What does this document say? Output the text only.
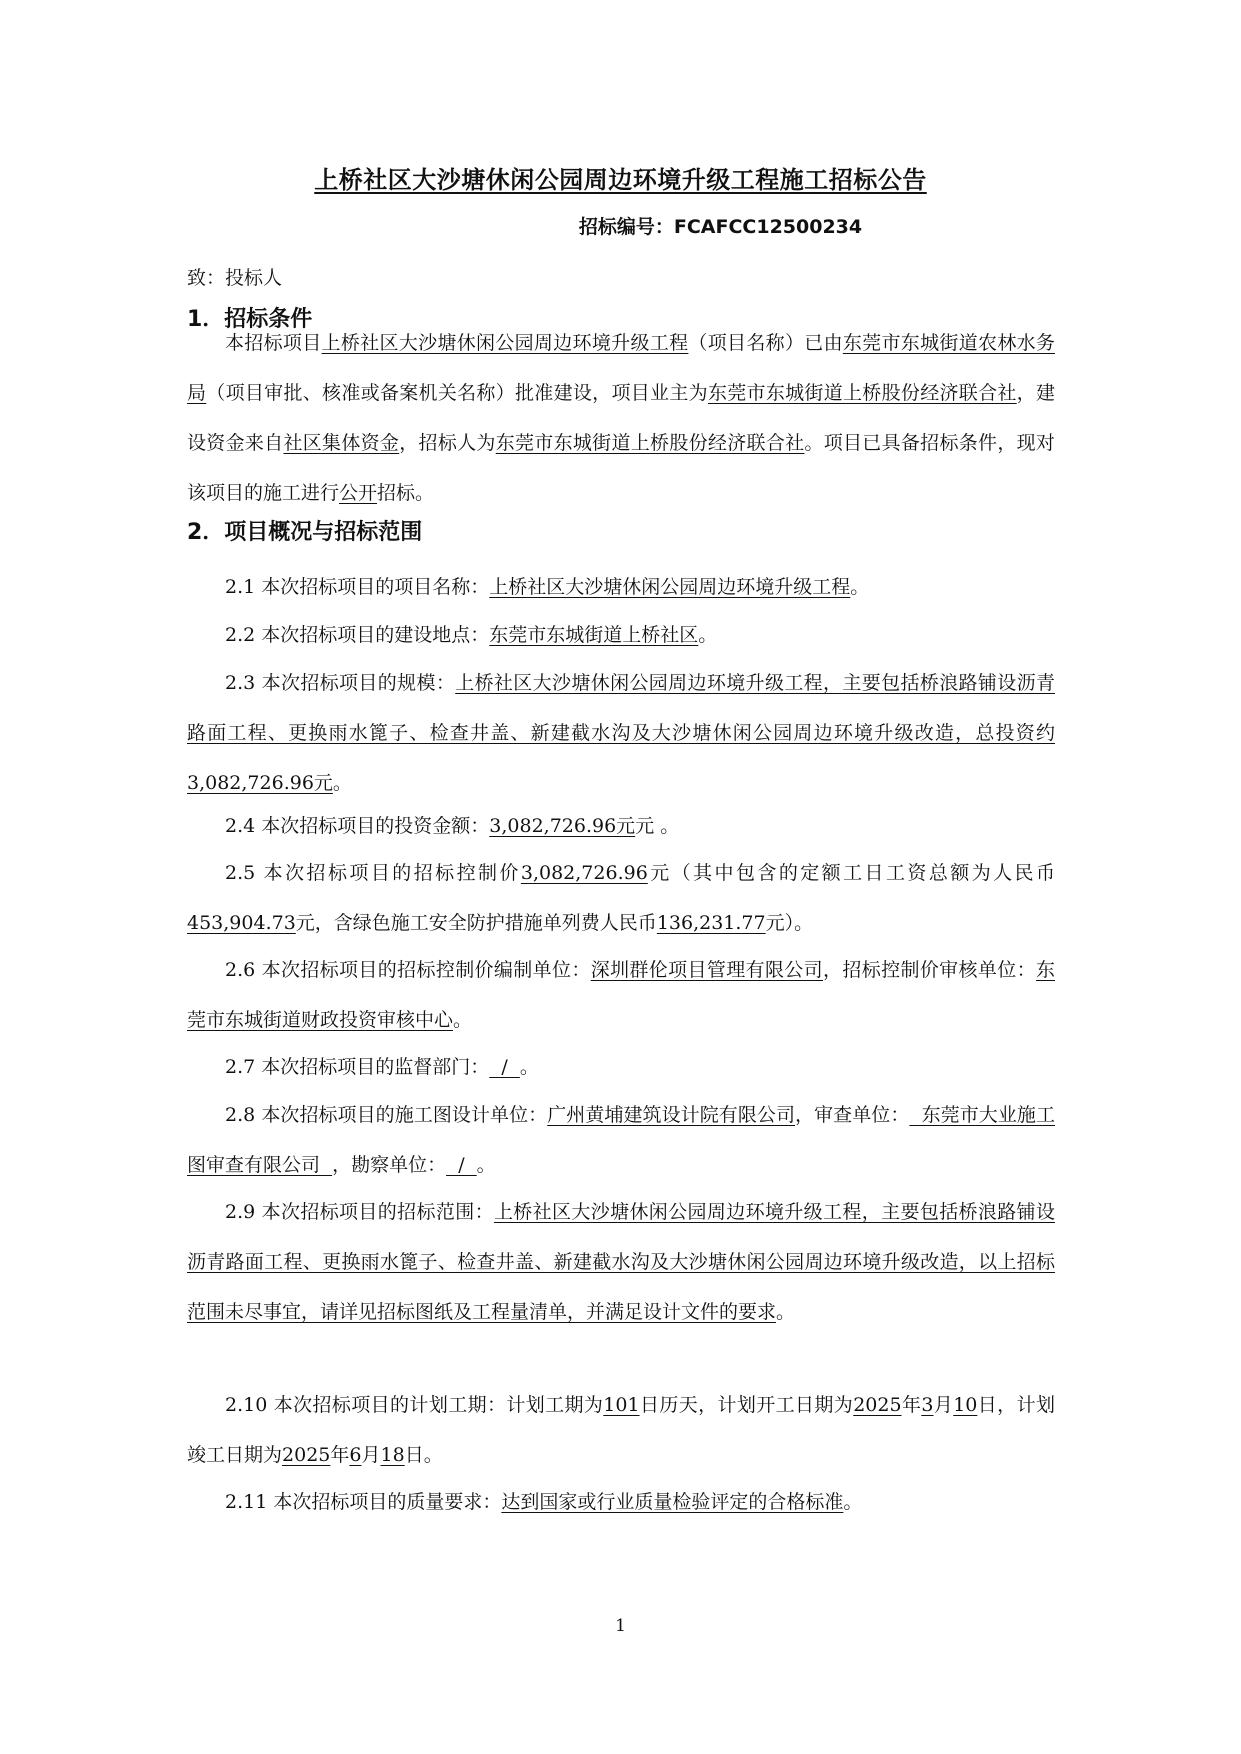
上桥社区大沙塘休闲公园周边环境升级工程施工招标公告
招标编号：FCAFCC12500234
致：投标人
1．招标条件
本招标项目上桥社区大沙塘休闲公园周边环境升级工程（项目名称）已由东莞市东城街道农林水务局（项目审批、核准或备案机关名称）批准建设，项目业主为东莞市东城街道上桥股份经济联合社，建设资金来自社区集体资金，招标人为东莞市东城街道上桥股份经济联合社。项目已具备招标条件，现对该项目的施工进行公开招标。
2．项目概况与招标范围
2.1 本次招标项目的项目名称：上桥社区大沙塘休闲公园周边环境升级工程。
2.2 本次招标项目的建设地点：东莞市东城街道上桥社区。
2.3 本次招标项目的规模：上桥社区大沙塘休闲公园周边环境升级工程，主要包括桥浪路铺设沥青路面工程、更换雨水篦子、检查井盖、新建截水沟及大沙塘休闲公园周边环境升级改造，总投资约3,082,726.96元。
2.4 本次招标项目的投资金额：3,082,726.96元元 。
2.5 本次招标项目的招标控制价3,082,726.96元（其中包含的定额工日工资总额为人民币453,904.73元，含绿色施工安全防护措施单列费人民币136,231.77元）。
2.6 本次招标项目的招标控制价编制单位：深圳群伦项目管理有限公司，招标控制价审核单位：东莞市东城街道财政投资审核中心。
2.7 本次招标项目的监督部门：  /  。
2.8 本次招标项目的施工图设计单位：广州黄埔建筑设计院有限公司，审查单位：  东莞市大业施工图审查有限公司  ，勘察单位：  /  。
2.9 本次招标项目的招标范围：上桥社区大沙塘休闲公园周边环境升级工程，主要包括桥浪路铺设沥青路面工程、更换雨水篦子、检查井盖、新建截水沟及大沙塘休闲公园周边环境升级改造，以上招标范围未尽事宜，请详见招标图纸及工程量清单，并满足设计文件的要求。
2.10 本次招标项目的计划工期：计划工期为101日历天，计划开工日期为2025年3月10日，计划竣工日期为2025年6月18日。
2.11 本次招标项目的质量要求：达到国家或行业质量检验评定的合格标准。
1
